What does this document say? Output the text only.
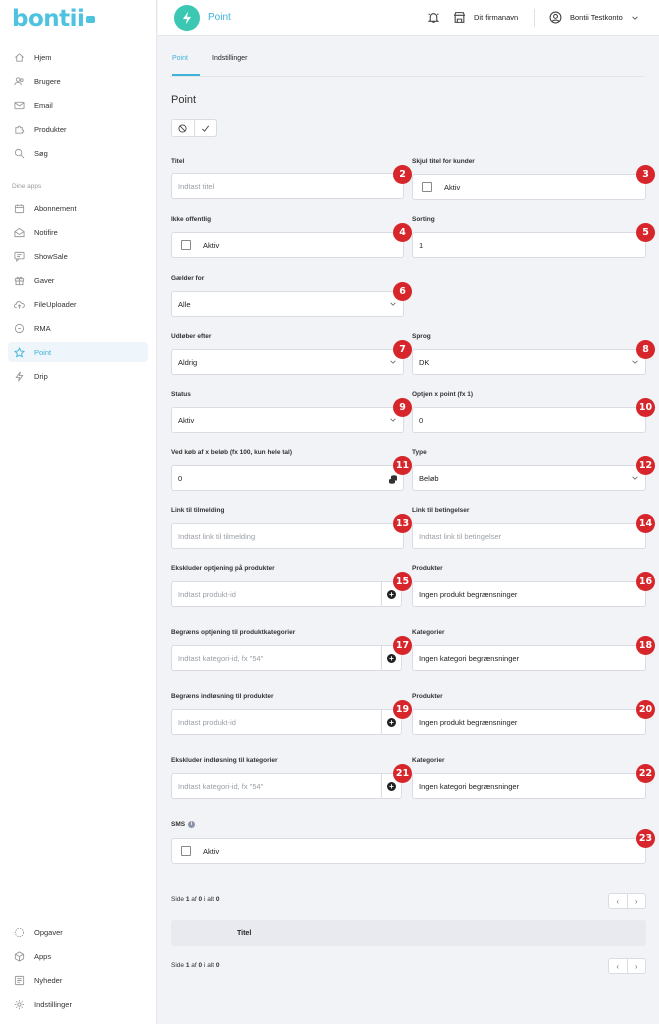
bontii
Hjem
Brugere
Email
Produkter
Søg
Dine apps
Abonnement
Notifire
ShowSale
Gaver
FileUploader
RMA
Point
Drip
Opgaver
Apps
Nyheder
Indstillinger
Point	Dit firmanavn	Bontii Testkonto
Point	Indstillinger
Point
Titel
Indtast titel
2
Skjul titel for kunder
Aktiv
3
Ikke offentlig
Aktiv
4
Sorting
1
5
Gælder for
Alle
6
Udløber efter
Aldrig
7
Sprog
DK
8
Status
Aktiv
9
Optjen x point (fx 1)
0
10
Ved køb af x beløb (fx 100, kun hele tal)
0
11
Type
Beløb
12
Link til tilmelding
Indtast link til tilmelding
13
Link til betingelser
Indtast link til betingelser
14
Ekskluder optjening på produkter
Indtast produkt-id	+
15
Produkter
Ingen produkt begrænsninger
16
Begræns optjening til produktkategorier
Indtast kategori-id, fx "54"	+
17
Kategorier
Ingen kategori begrænsninger
18
Begræns indløsning til produkter
Indtast produkt-id	+
19
Produkter
Ingen produkt begrænsninger
20
Ekskluder indløsning til kategorier
Indtast kategori-id, fx "54"	+
21
Kategorier
Ingen kategori begrænsninger
22
SMS i
Aktiv
23
Side 1 af 0 i alt 0	‹	›
Titel
Side 1 af 0 i alt 0	‹	›
